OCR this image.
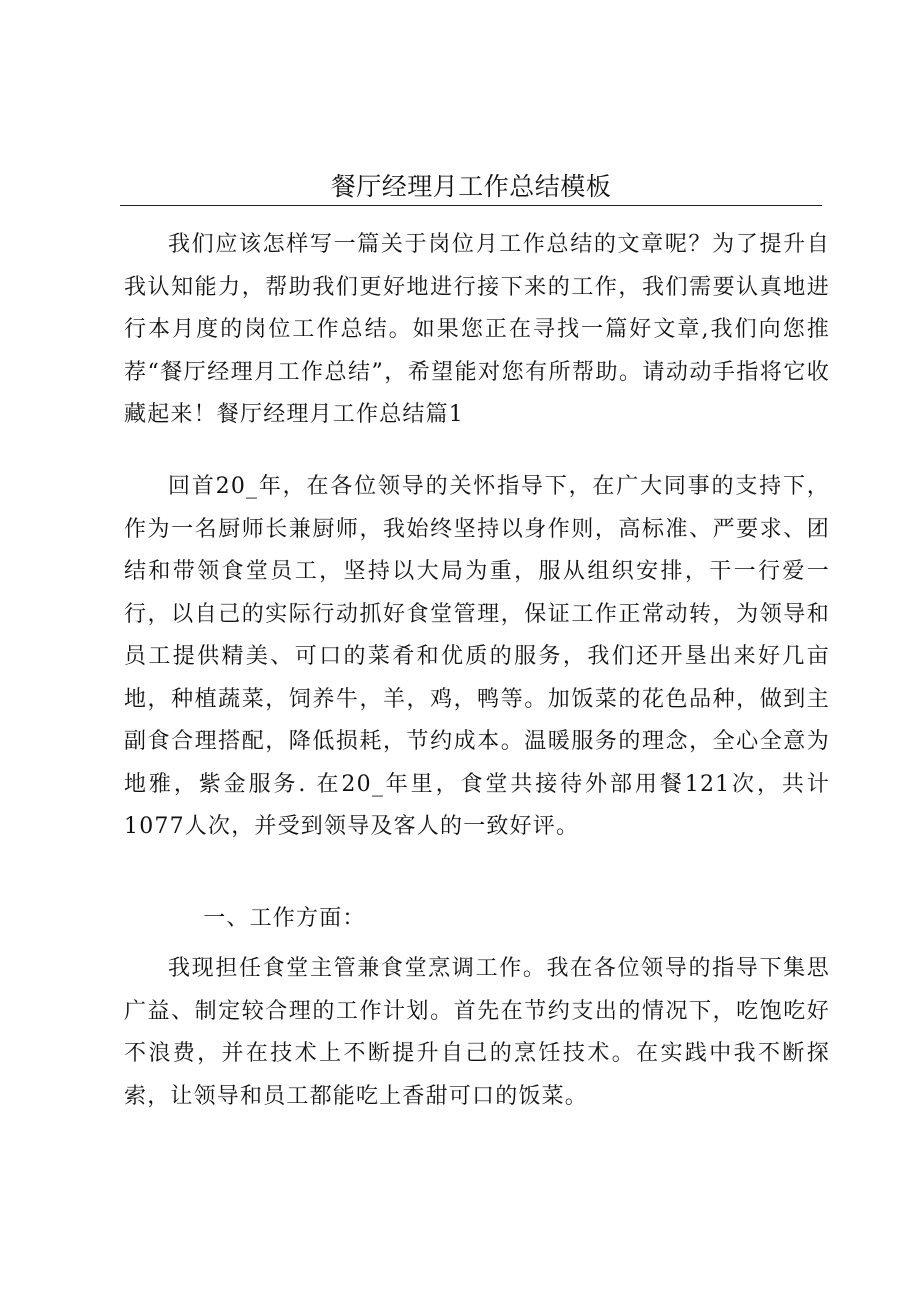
餐厅经理月工作总结模板

我们应该怎样写一篇关于岗位月工作总结的文章呢？为了提升自我认知能力，帮助我们更好地进行接下来的工作，我们需要认真地进行本月度的岗位工作总结。如果您正在寻找一篇好文章,我们向您推荐“餐厅经理月工作总结”，希望能对您有所帮助。请动动手指将它收藏起来！餐厅经理月工作总结篇1

回首20_年，在各位领导的关怀指导下，在广大同事的支持下，作为一名厨师长兼厨师，我始终坚持以身作则，高标准、严要求、团结和带领食堂员工，坚持以大局为重，服从组织安排，干一行爱一行，以自己的实际行动抓好食堂管理，保证工作正常动转，为领导和员工提供精美、可口的菜肴和优质的服务，我们还开垦出来好几亩地，种植蔬菜，饲养牛，羊，鸡，鸭等。加饭菜的花色品种，做到主副食合理搭配，降低损耗，节约成本。温暖服务的理念，全心全意为地雅，紫金服务. 在20_年里，食堂共接待外部用餐121次，共计1077人次，并受到领导及客人的一致好评。

一、工作方面：

我现担任食堂主管兼食堂烹调工作。我在各位领导的指导下集思广益、制定较合理的工作计划。首先在节约支出的情况下，吃饱吃好不浪费，并在技术上不断提升自己的烹饪技术。在实践中我不断探索，让领导和员工都能吃上香甜可口的饭菜。
